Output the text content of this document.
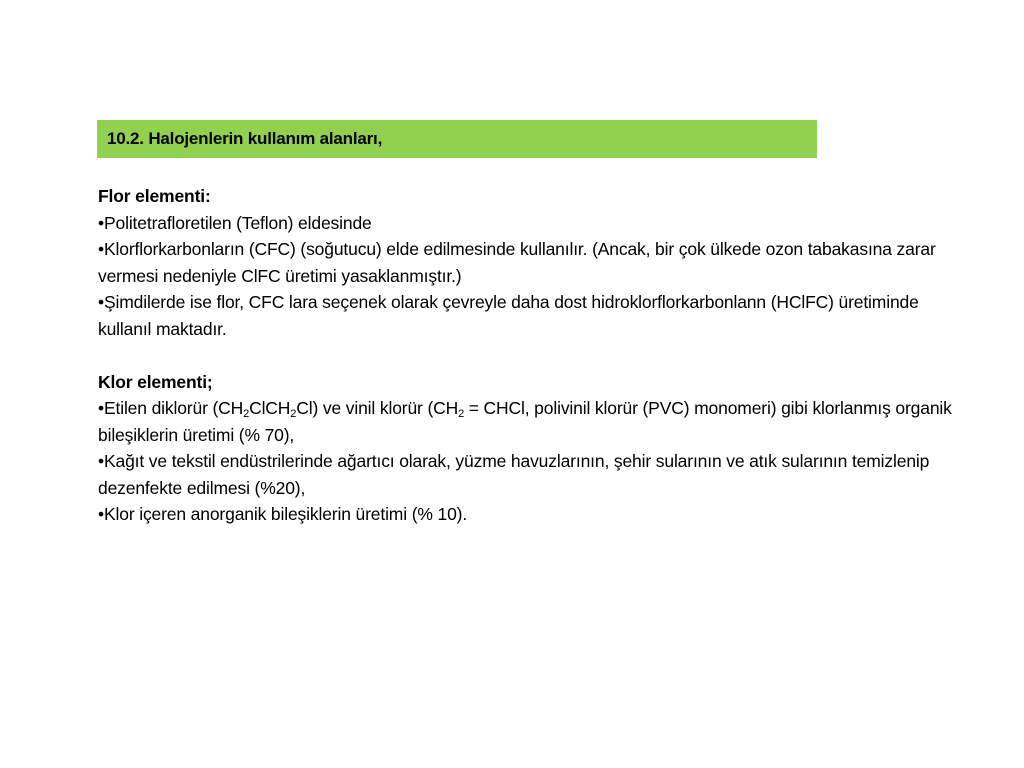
10.2. Halojenlerin kullanım alanları,

Flor elementi:

•Politetrafloretilen (Teflon) eldesinde

•Klorflorkarbonların (CFC) (soğutucu) elde edilmesinde kullanılır. (Ancak, bir çok ülkede ozon tabakasına zarar vermesi nedeniyle ClFC üretimi yasaklanmıştır.)

•Şimdilerde ise flor, CFC lara seçenek olarak çevreyle daha dost hidroklorflorkarbonlann (HClFC) üretiminde kullanıl maktadır.

Klor elementi;

•Etilen diklorür $(CH_2ClCH_2Cl)$ ve vinil klorür ($CH_2$ = CHCl, polivinil klorür (PVC) monomeri) gibi klorlanmış organik bileşiklerin üretimi (% 70),

•Kağıt ve tekstil endüstrilerinde ağartıcı olarak, yüzme havuzlarının, şehir sularının ve atık sularının temizlenip dezenfekte edilmesi (%20),

•Klor içeren anorganik bileşiklerin üretimi (% 10).
